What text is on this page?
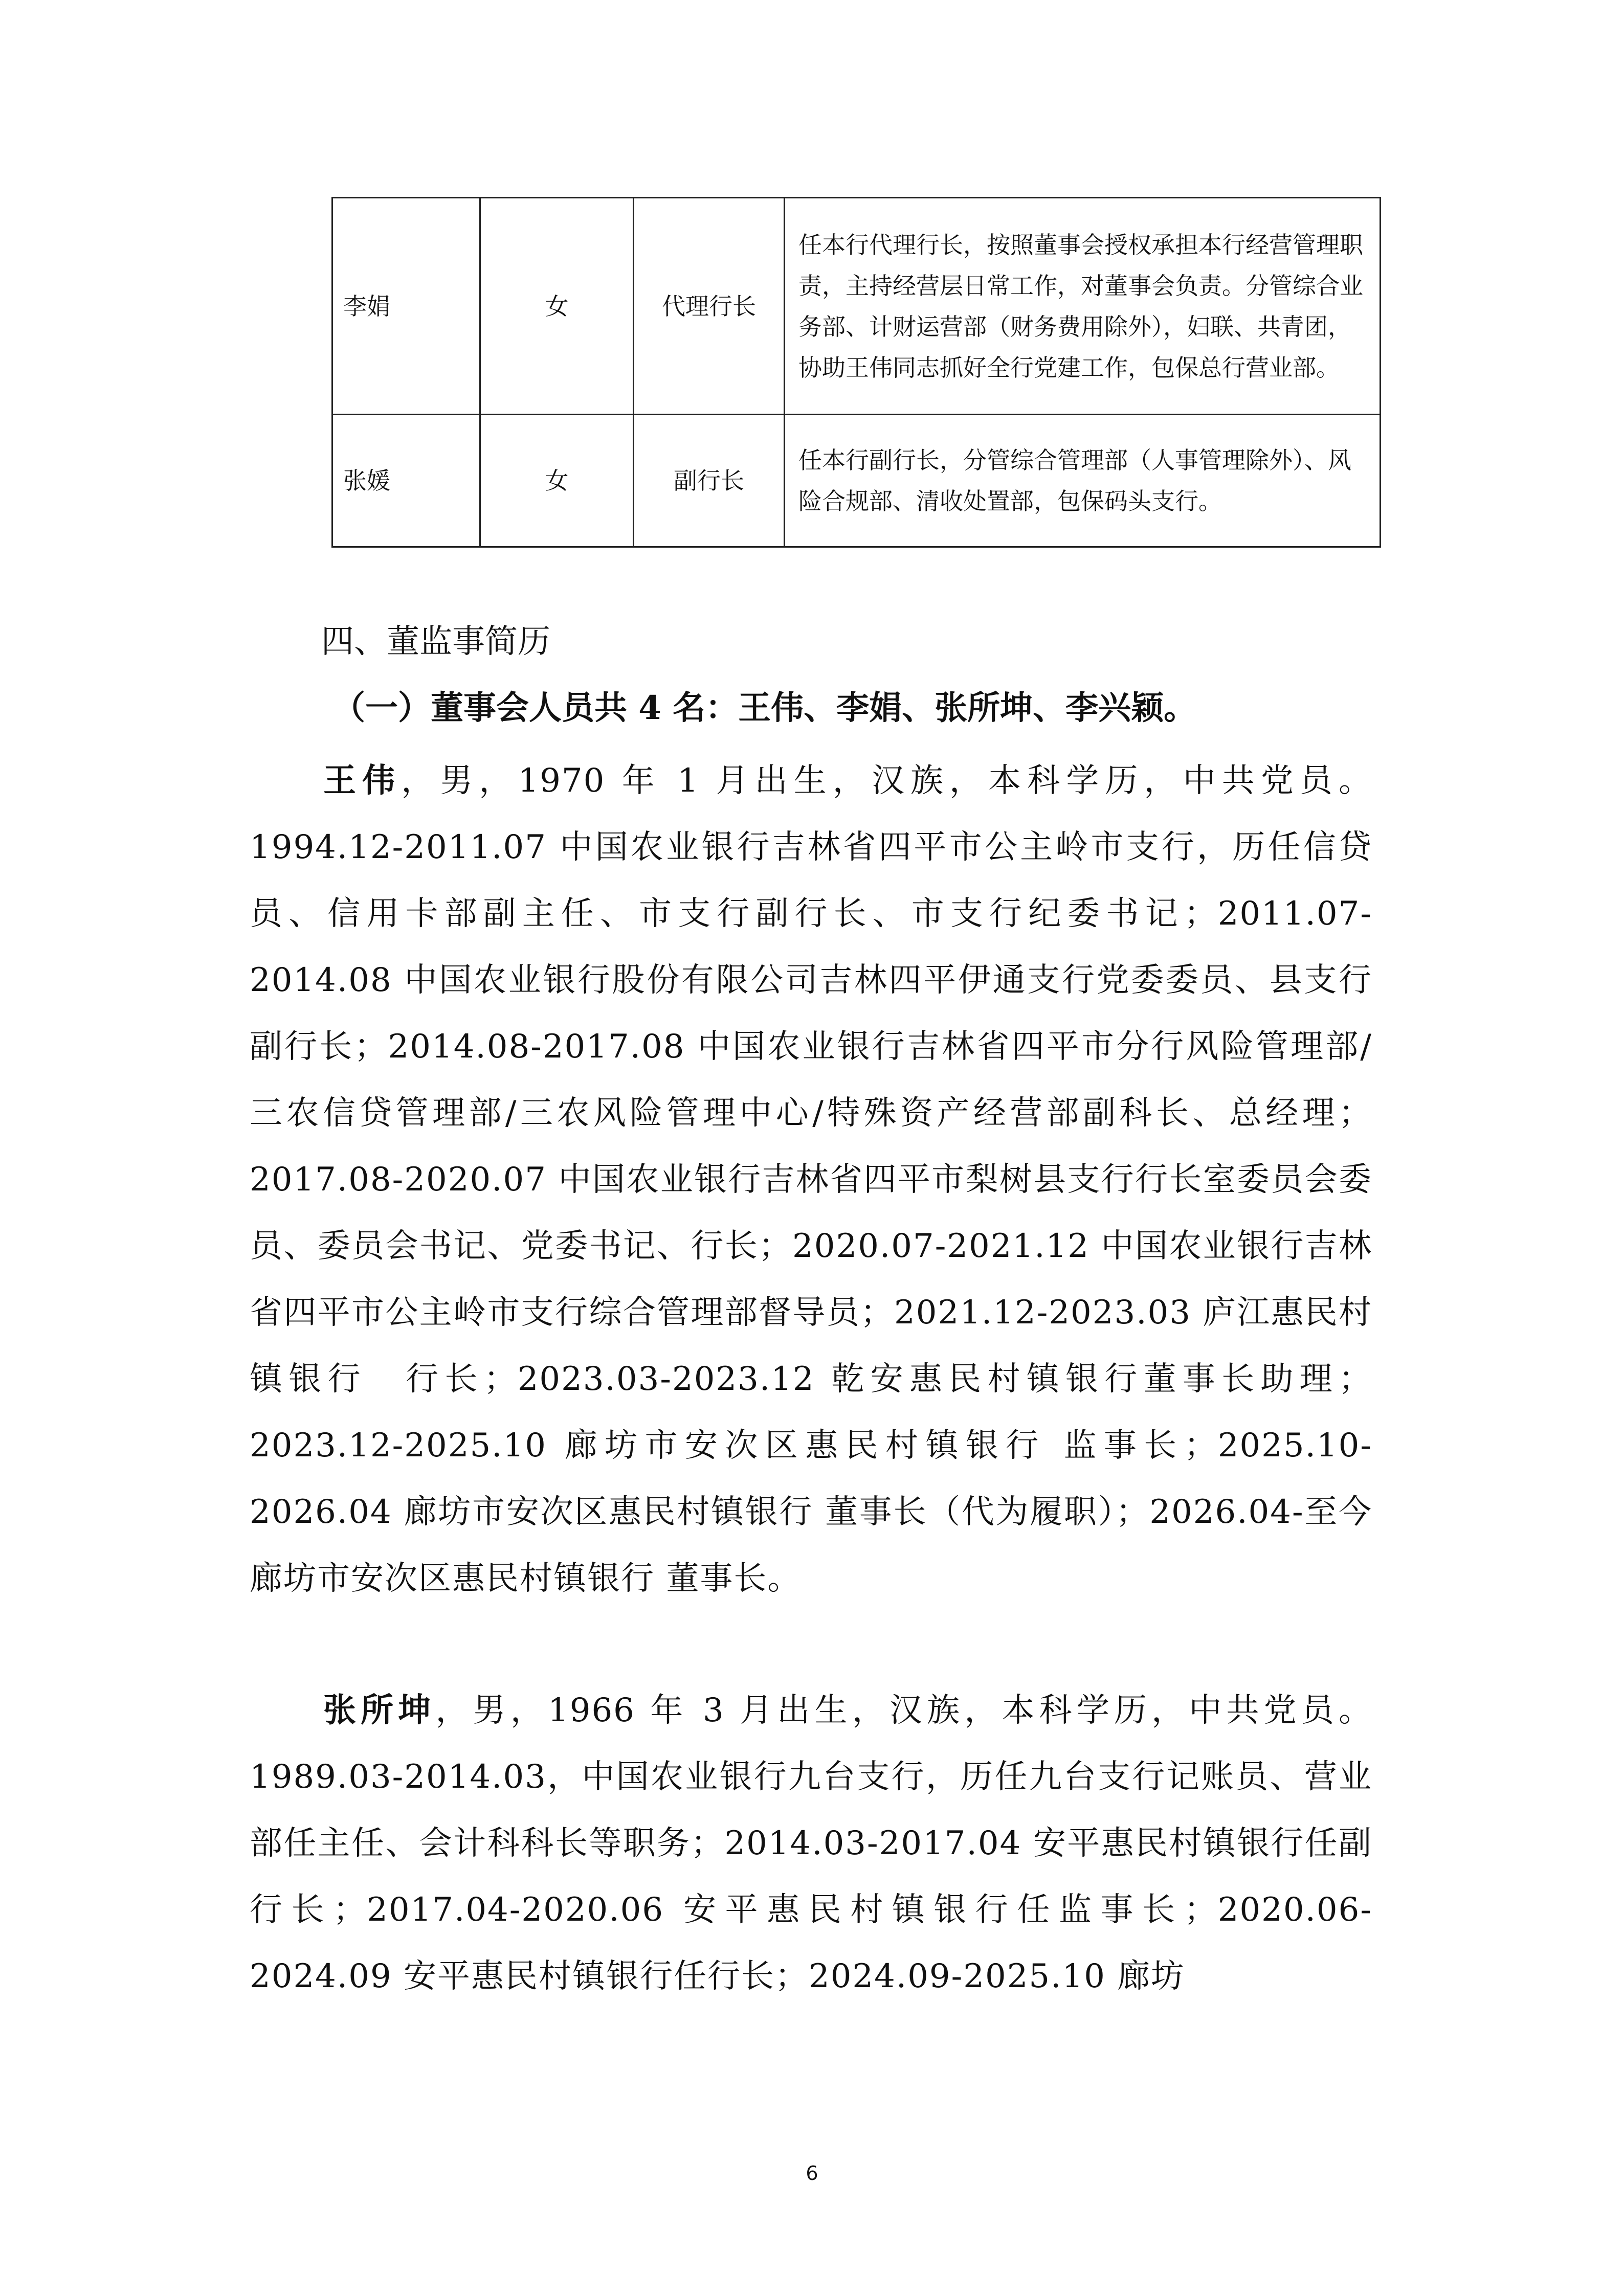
李娟	女	代理行长	任本行代理行长，按照董事会授权承担本行经营管理职责，主持经营层日常工作，对董事会负责。分管综合业务部、计财运营部（财务费用除外），妇联、共青团，协助王伟同志抓好全行党建工作，包保总行营业部。
张媛	女	副行长	任本行副行长，分管综合管理部（人事管理除外）、风险合规部、清收处置部，包保码头支行。
四、董监事简历

（一）董事会人员共 4 名：王伟、李娟、张所坤、李兴颖。

王伟，男，1970 年 1 月出生，汉族，本科学历，中共党员。1994.12-2011.07 中国农业银行吉林省四平市公主岭市支行，历任信贷员、信用卡部副主任、市支行副行长、市支行纪委书记；2011.07-2014.08 中国农业银行股份有限公司吉林四平伊通支行党委委员、县支行副行长；2014.08-2017.08 中国农业银行吉林省四平市分行风险管理部/三农信贷管理部/三农风险管理中心/特殊资产经营部副科长、总经理；2017.08-2020.07 中国农业银行吉林省四平市梨树县支行行长室委员会委员、委员会书记、党委书记、行长；2020.07-2021.12 中国农业银行吉林省四平市公主岭市支行综合管理部督导员；2021.12-2023.03 庐江惠民村镇银行　行长；2023.03-2023.12 乾安惠民村镇银行董事长助理；2023.12-2025.10 廊坊市安次区惠民村镇银行 监事长；2025.10-2026.04 廊坊市安次区惠民村镇银行 董事长（代为履职）；2026.04-至今廊坊市安次区惠民村镇银行 董事长。

张所坤，男，1966 年 3 月出生，汉族，本科学历，中共党员。1989.03-2014.03，中国农业银行九台支行，历任九台支行记账员、营业部任主任、会计科科长等职务；2014.03-2017.04 安平惠民村镇银行任副行长；2017.04-2020.06 安平惠民村镇银行任监事长；2020.06-2024.09 安平惠民村镇银行任行长；2024.09-2025.10 廊坊

6
